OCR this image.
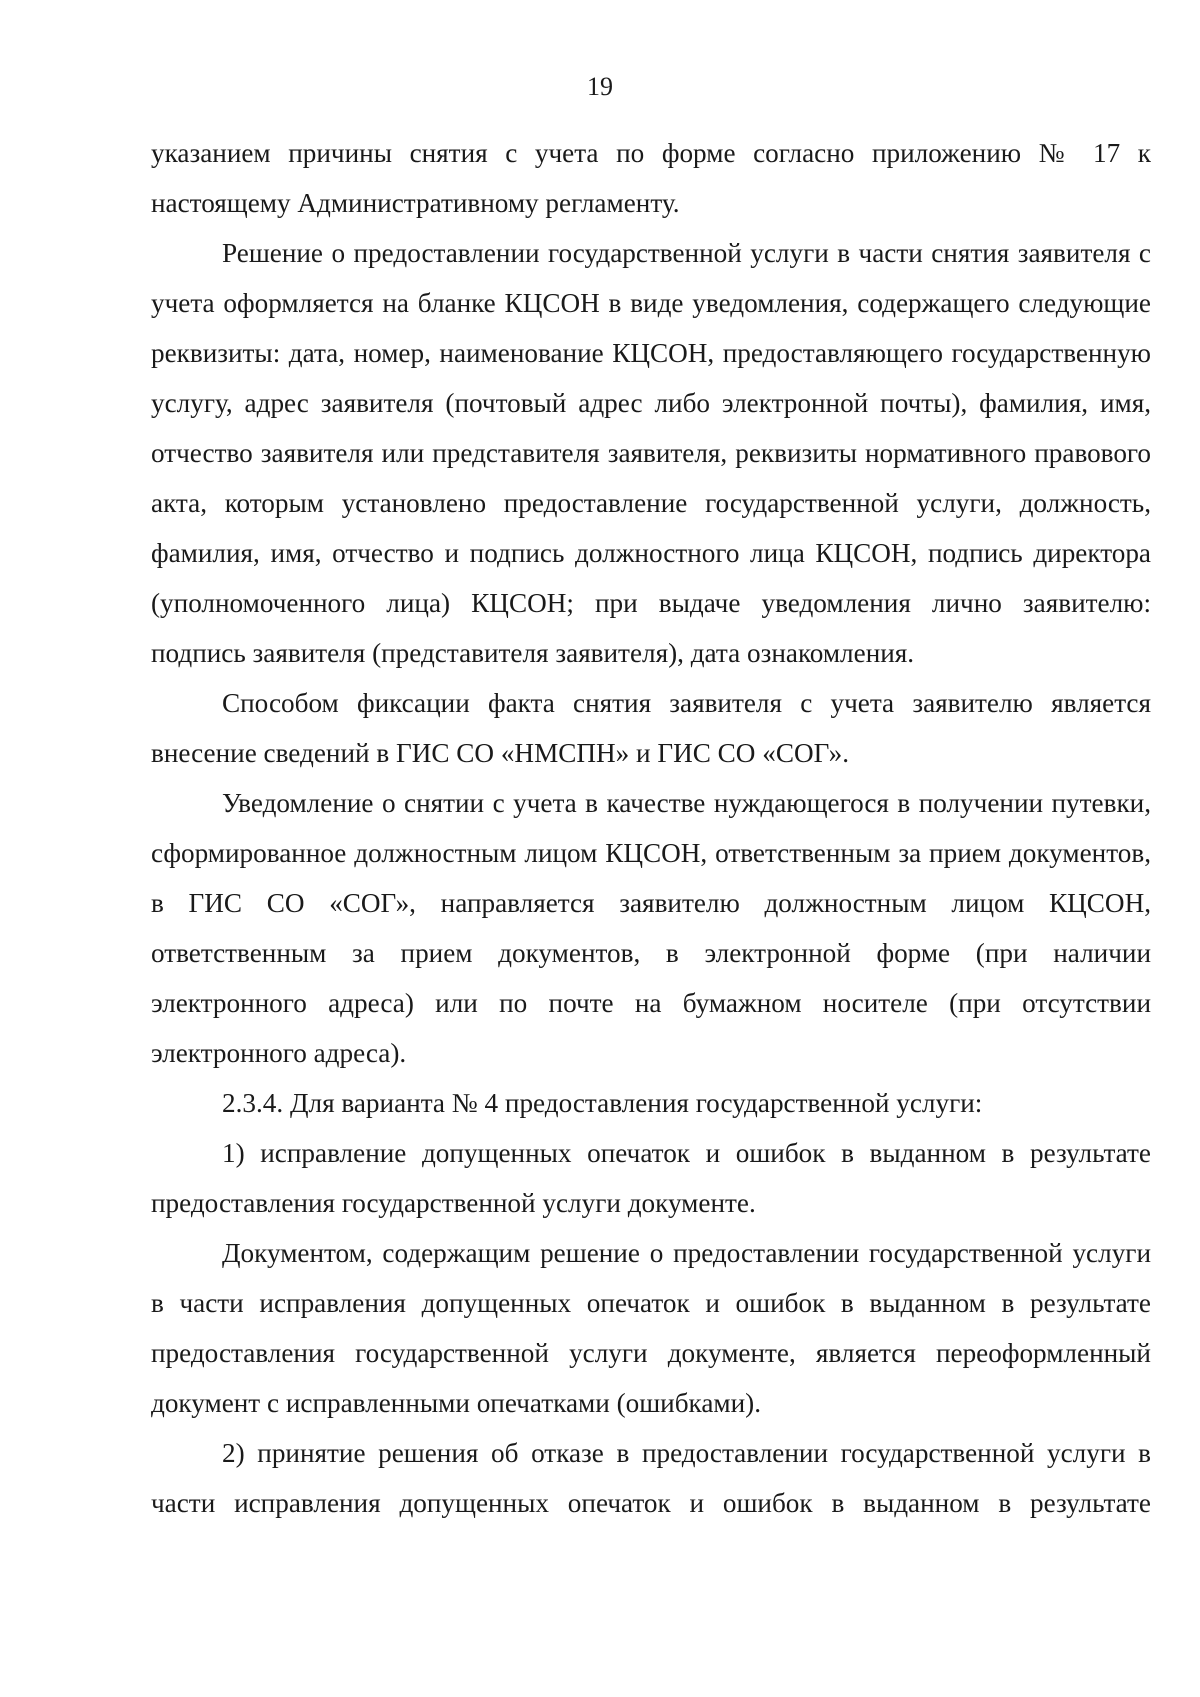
19

указанием причины снятия с учета по форме согласно приложению № 17 к настоящему Административному регламенту.

Решение о предоставлении государственной услуги в части снятия заявителя с учета оформляется на бланке КЦСОН в виде уведомления, содержащего следующие реквизиты: дата, номер, наименование КЦСОН, предоставляющего государственную услугу, адрес заявителя (почтовый адрес либо электронной почты), фамилия, имя, отчество заявителя или представителя заявителя, реквизиты нормативного правового акта, которым установлено предоставление государственной услуги, должность, фамилия, имя, отчество и подпись должностного лица КЦСОН, подпись директора (уполномоченного лица) КЦСОН; при выдаче уведомления лично заявителю: подпись заявителя (представителя заявителя), дата ознакомления.

Способом фиксации факта снятия заявителя с учета заявителю является внесение сведений в ГИС СО «НМСПН» и ГИС СО «СОГ».

Уведомление о снятии с учета в качестве нуждающегося в получении путевки, сформированное должностным лицом КЦСОН, ответственным за прием документов, в ГИС СО «СОГ», направляется заявителю должностным лицом КЦСОН, ответственным за прием документов, в электронной форме (при наличии электронного адреса) или по почте на бумажном носителе (при отсутствии электронного адреса).

2.3.4. Для варианта № 4 предоставления государственной услуги:

1) исправление допущенных опечаток и ошибок в выданном в результате предоставления государственной услуги документе.

Документом, содержащим решение о предоставлении государственной услуги в части исправления допущенных опечаток и ошибок в выданном в результате предоставления государственной услуги документе, является переоформленный документ с исправленными опечатками (ошибками).

2) принятие решения об отказе в предоставлении государственной услуги в части исправления допущенных опечаток и ошибок в выданном в результате
